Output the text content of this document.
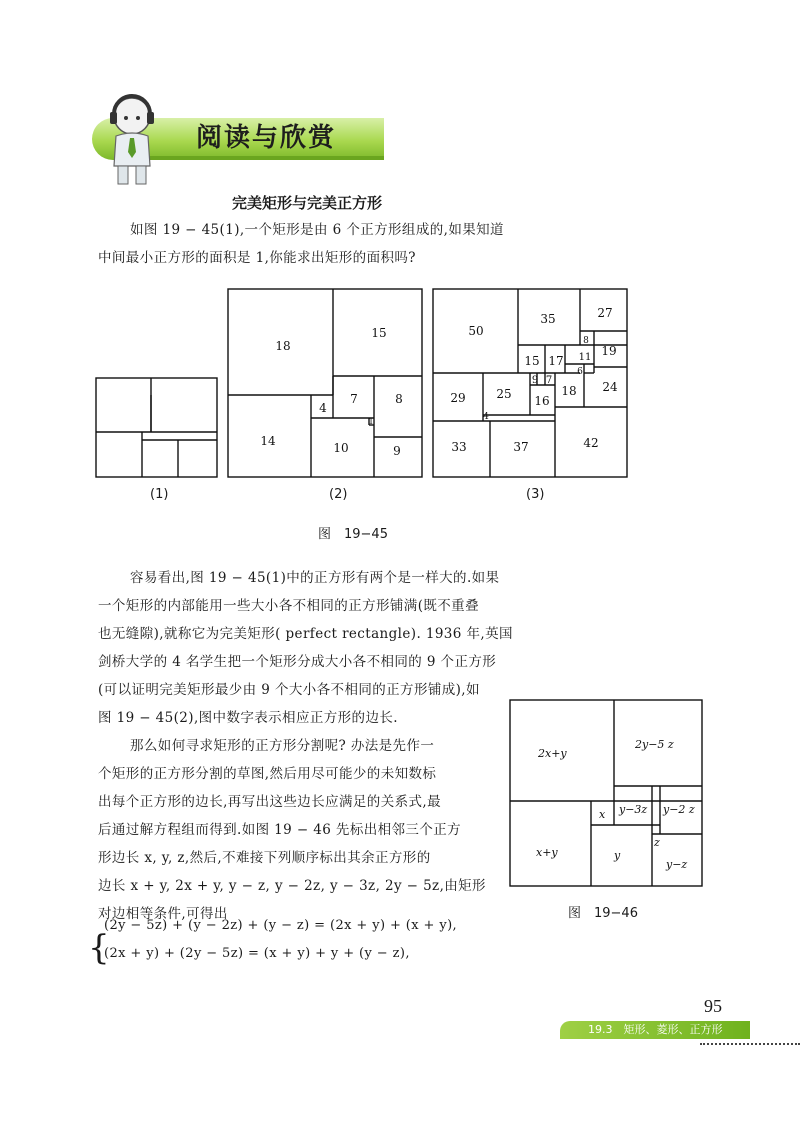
阅读与欣赏
完美矩形与完美正方形
如图 19 − 45(1),一个矩形是由 6 个正方形组成的,如果知道
中间最小正方形的面积是 1,你能求出矩形的面积吗?
18
15
4
7	8
1
14	10	9
50
35	27
8
19
15 17 11
6
24
29	25
9 7
18
16
4
33	37	42
(1)	(2)	(3)
图　19−45
容易看出,图 19 − 45(1)中的正方形有两个是一样大的.如果
一个矩形的内部能用一些大小各不相同的正方形铺满(既不重叠
也无缝隙),就称它为完美矩形( perfect rectangle). 1936 年,英国
剑桥大学的 4 名学生把一个矩形分成大小各不相同的 9 个正方形
(可以证明完美矩形最少由 9 个大小各不相同的正方形铺成),如
图 19 − 45(2),图中数字表示相应正方形的边长.
那么如何寻求矩形的正方形分割呢? 办法是先作一
个矩形的正方形分割的草图,然后用尽可能少的未知数标
出每个正方形的边长,再写出这些边长应满足的关系式,最
后通过解方程组而得到.如图 19 − 46 先标出相邻三个正方
形边长 x, y, z,然后,不难接下列顺序标出其余正方形的
边长 x + y, 2x + y, y − z, y − 2z, y − 3z, 2y − 5z,由矩形
对边相等条件,可得出
2x+y
2y−5 z
x y−3z y−2 z
x+y	y
z
y−z
图　19−46
{
(2y − 5z) + (y − 2z) + (y − z) = (2x + y) + (x + y),
(2x + y) + (2y − 5z) = (x + y) + y + (y − z),
95
19.3　矩形、菱形、正方形
